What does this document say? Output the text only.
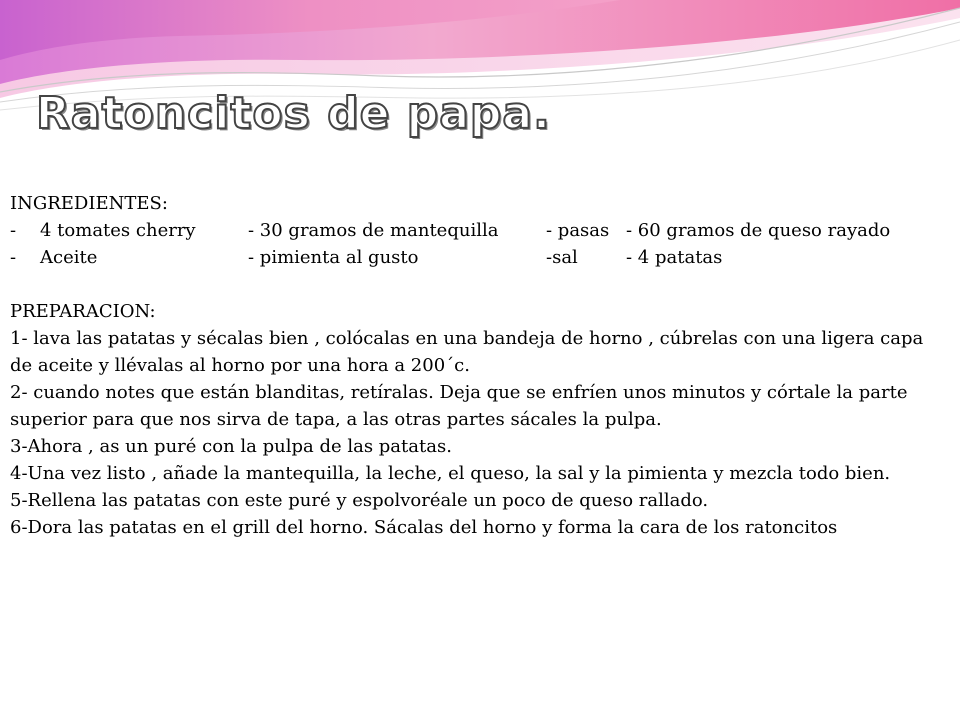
Ratoncitos de papa.

INGREDIENTES:

-	4 tomates cherry	- 30 gramos de mantequilla	- pasas - 60 gramos de queso rayado
-	Aceite	- pimienta al gusto	-sal	- 4 patatas

PREPARACION:

1- lava las patatas y sécalas bien , colócalas en una bandeja de horno , cúbrelas con una ligera capa de aceite y llévalas al horno por una hora a 200´c.

2- cuando notes que están blanditas, retíralas. Deja que se enfríen unos minutos y córtale la parte superior para que nos sirva de tapa, a las otras partes sácales la pulpa.

3-Ahora , as un puré con la pulpa de las patatas.

4-Una vez listo , añade la mantequilla, la leche, el queso, la sal y la pimienta y mezcla todo bien.

5-Rellena las patatas con este puré y espolvoréale un poco de queso rallado.

6-Dora las patatas en el grill del horno. Sácalas del horno y forma la cara de los ratoncitos
